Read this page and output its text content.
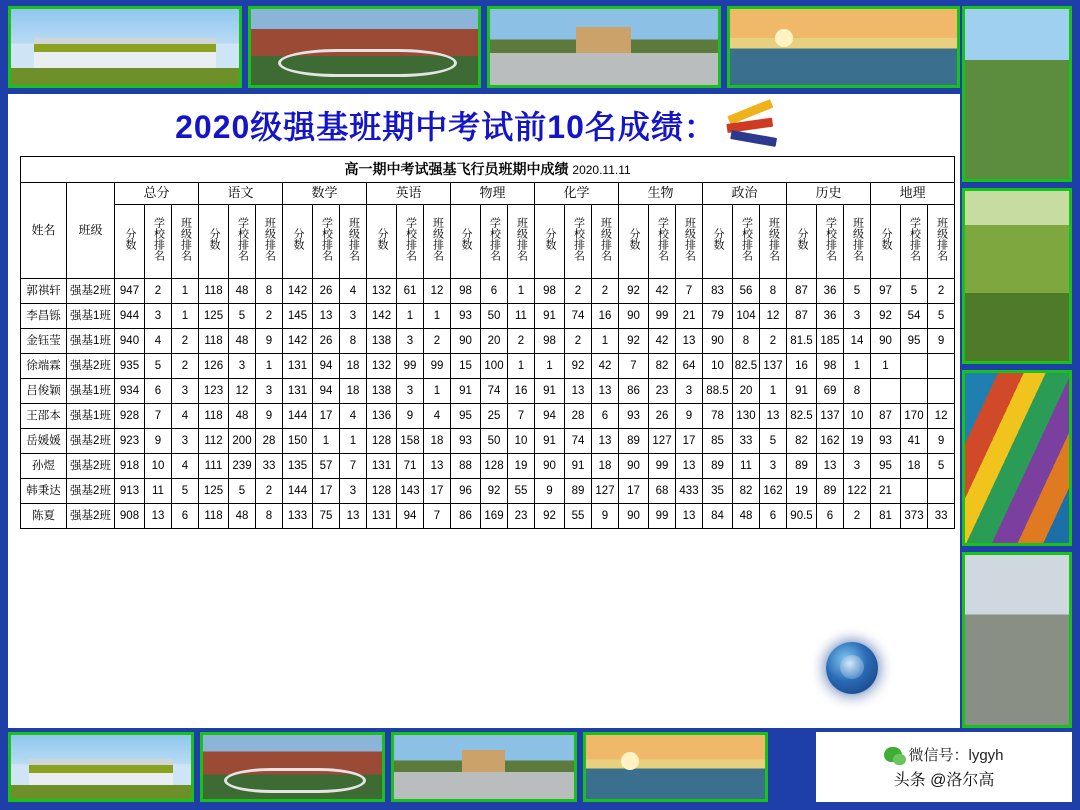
2020级强基班期中考试前10名成绩：
高一期中考试强基飞行员班期中成绩 2020.11.11																															
姓名	班级	总分			语文			数学			英语			物理			化学			生物			政治			历史			地理		
		分数	学校排名	班级排名	分数	学校排名	班级排名	分数	学校排名	班级排名	分数	学校排名	班级排名	分数	学校排名	班级排名	分数	学校排名	班级排名	分数	学校排名	班级排名	分数	学校排名	班级排名	分数	学校排名	班级排名	分数	学校排名	班级排名
郭祺轩	强基2班	947	2	1	118	48	8	142	26	4	132	61	12	98	6	1	98	2	2	92	42	7	83	56	8	87	36	5	97	5	2
李昌铄	强基1班	944	3	1	125	5	2	145	13	3	142	1	1	93	50	11	91	74	16	90	99	21	79	104	12	87	36	3	92	54	5
金钰莹	强基1班	940	4	2	118	48	9	142	26	8	138	3	2	90	20	2	98	2	1	92	42	13	90	8	2	81.5	185	14	90	95	9
徐端霖	强基2班	935	5	2	126	3	1	131	94	18	132	99	99	15	100	1	1	92	42	7	82	64	10	82.5	137	16	98	1	1		
吕俊颖	强基1班	934	6	3	123	12	3	131	94	18	138	3	1	91	74	16	91	13	13	86	23	3	88.5	20	1	91	69	8			
王邵本	强基1班	928	7	4	118	48	9	144	17	4	136	9	4	95	25	7	94	28	6	93	26	9	78	130	13	82.5	137	10	87	170	12
岳媛媛	强基2班	923	9	3	112	200	28	150	1	1	128	158	18	93	50	10	91	74	13	89	127	17	85	33	5	82	162	19	93	41	9
孙煜	强基2班	918	10	4	111	239	33	135	57	7	131	71	13	88	128	19	90	91	18	90	99	13	89	11	3	89	13	3	95	18	5
韩秉达	强基2班	913	11	5	125	5	2	144	17	3	128	143	17	96	92	55	9	89	127	17	68	433	35	82	162	19	89	122	21		
陈夏	强基2班	908	13	6	118	48	8	133	75	13	131	94	7	86	169	23	92	55	9	90	99	13	84	48	6	90.5	6	2	81	373	33
微信号：lygyh
头条 @洛尔高
